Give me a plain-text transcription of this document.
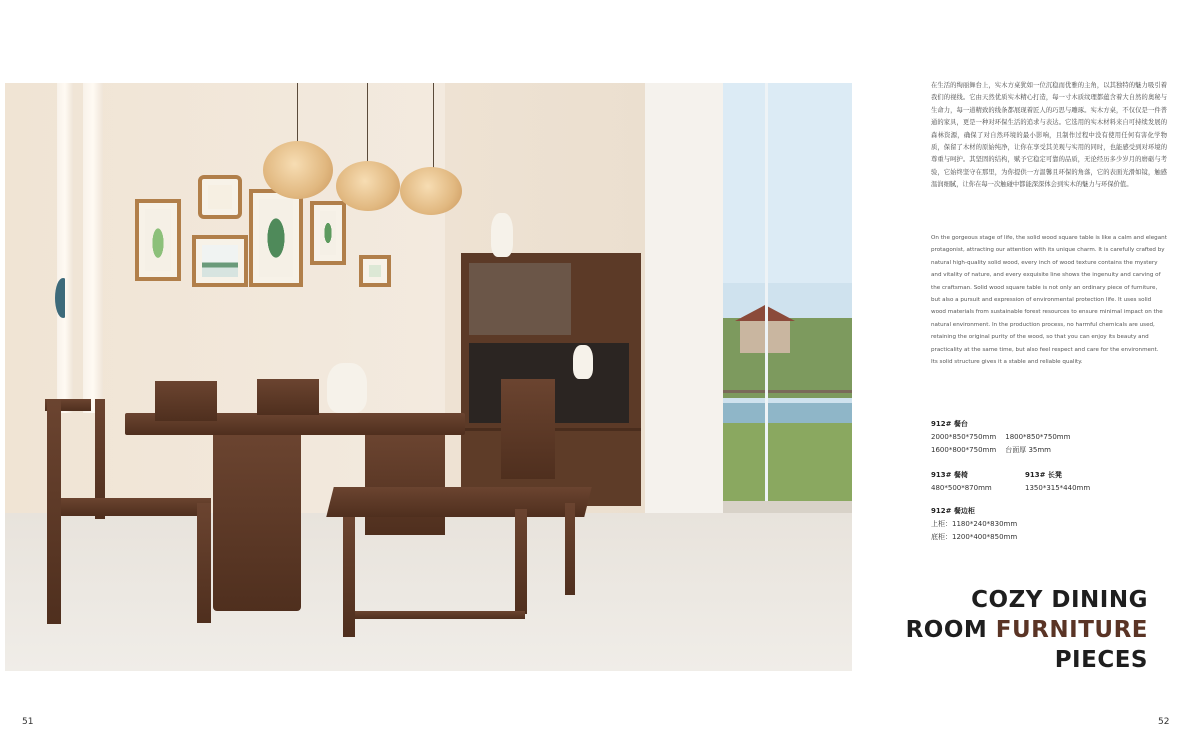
在生活的绚丽舞台上，实木方桌犹如一位沉稳而优雅的主角，以其独特的魅力吸引着我们的视线。它由天然优质实木精心打造，每一寸木质纹理都蕴含着大自然的奥秘与生命力，每一道精致的线条都展现着匠人的巧思与雕琢。实木方桌，不仅仅是一件普通的家具，更是一种对环保生活的追求与表达。它选用的实木材料来自可持续发展的森林资源，确保了对自然环境的最小影响，且制作过程中没有使用任何有害化学物质，保留了木材的原始纯净，让你在享受其美观与实用的同时，也能感受到对环境的尊重与呵护。其坚固的结构，赋予它稳定可靠的品质，无论经历多少岁月的磨砺与考验，它始终坚守在那里，为你提供一方温馨且环保的角落，它的表面光滑如镜，触感温润细腻，让你在每一次触碰中都能深深体会到实木的魅力与环保价值。
On the gorgeous stage of life, the solid wood square table is like a calm and elegant protagonist, attracting our attention with its unique charm. It is carefully crafted by natural high-quality solid wood, every inch of wood texture contains the mystery and vitality of nature, and every exquisite line shows the ingenuity and carving of the craftsman. Solid wood square table is not only an ordinary piece of furniture, but also a pursuit and expression of environmental protection life. It uses solid wood materials from sustainable forest resources to ensure minimal impact on the natural environment. In the production process, no harmful chemicals are used, retaining the original purity of the wood, so that you can enjoy its beauty and practicality at the same time, but also feel respect and care for the environment. Its solid structure gives it a stable and reliable quality.
912# 餐台
2000*850*750mm 1800*850*750mm
1600*800*750mm 台面厚 35mm
913# 餐椅
480*500*870mm
913# 长凳
1350*315*440mm
912# 餐边柜
上柜：1180*240*830mm
底柜：1200*400*850mm
COZY DINING
ROOM FURNITURE
PIECES
51	52
